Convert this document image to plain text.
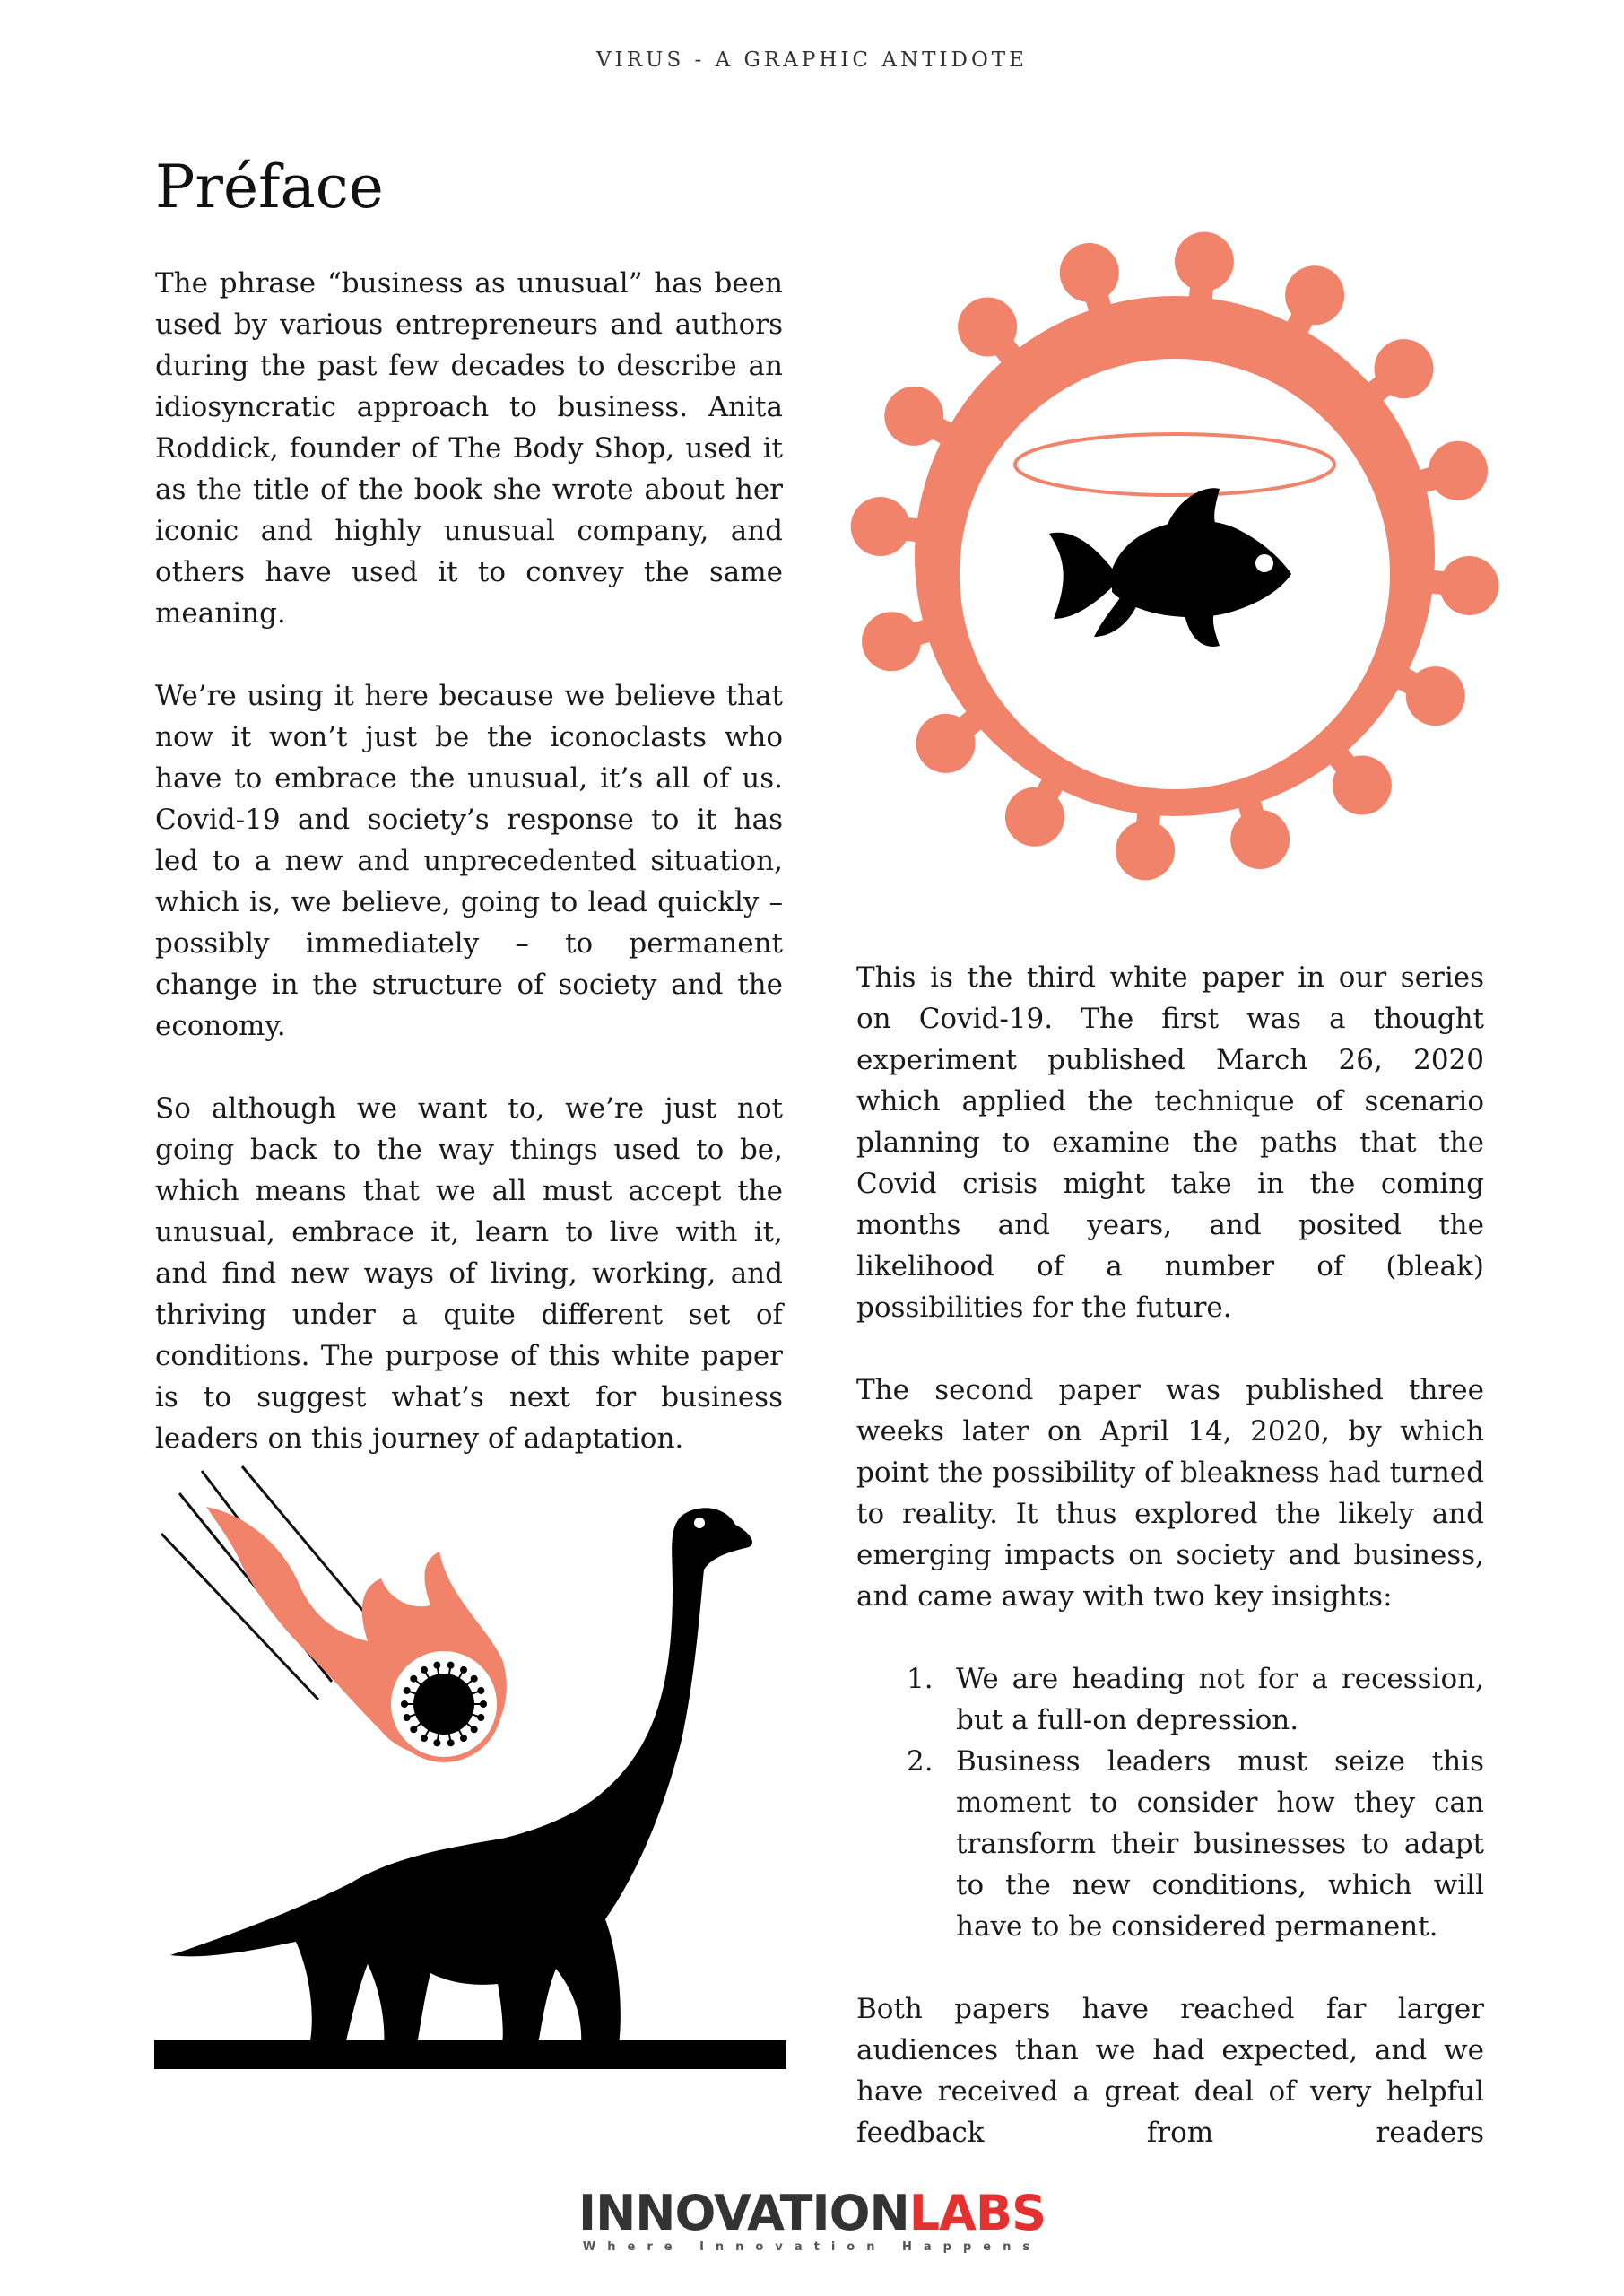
VIRUS - A GRAPHIC ANTIDOTE
Préface

The phrase “business as unusual” has been used by various entrepreneurs and authors during the past few decades to describe an idiosyncratic approach to business. Anita Roddick, founder of The Body Shop, used it as the title of the book she wrote about her iconic and highly unusual company, and others have used it to convey the same meaning.

We’re using it here because we believe that now it won’t just be the iconoclasts who have to embrace the unusual, it’s all of us. Covid-19 and society’s response to it has led to a new and unprecedented situation, which is, we believe, going to lead quickly – possibly immediately – to permanent change in the structure of society and the economy.

So although we want to, we’re just not going back to the way things used to be, which means that we all must accept the unusual, embrace it, learn to live with it, and find new ways of living, working, and thriving under a quite different set of conditions. The purpose of this white paper is to suggest what’s next for business leaders on this journey of adaptation.

This is the third white paper in our series on Covid-19. The first was a thought experiment published March 26, 2020 which applied the technique of scenario planning to examine the paths that the Covid crisis might take in the coming months and years, and posited the likelihood of a number of (bleak) possibilities for the future.

The second paper was published three weeks later on April 14, 2020, by which point the possibility of bleakness had turned to reality. It thus explored the likely and emerging impacts on society and business, and came away with two key insights:

1. We are heading not for a recession, but a full-on depression.
2. Business leaders must seize this moment to consider how they can transform their businesses to adapt to the new conditions, which will have to be considered permanent.

Both papers have reached far larger audiences than we had expected, and we have received a great deal of very helpful feedback from readers

INNOVATIONLABS
Where Innovation Happens
